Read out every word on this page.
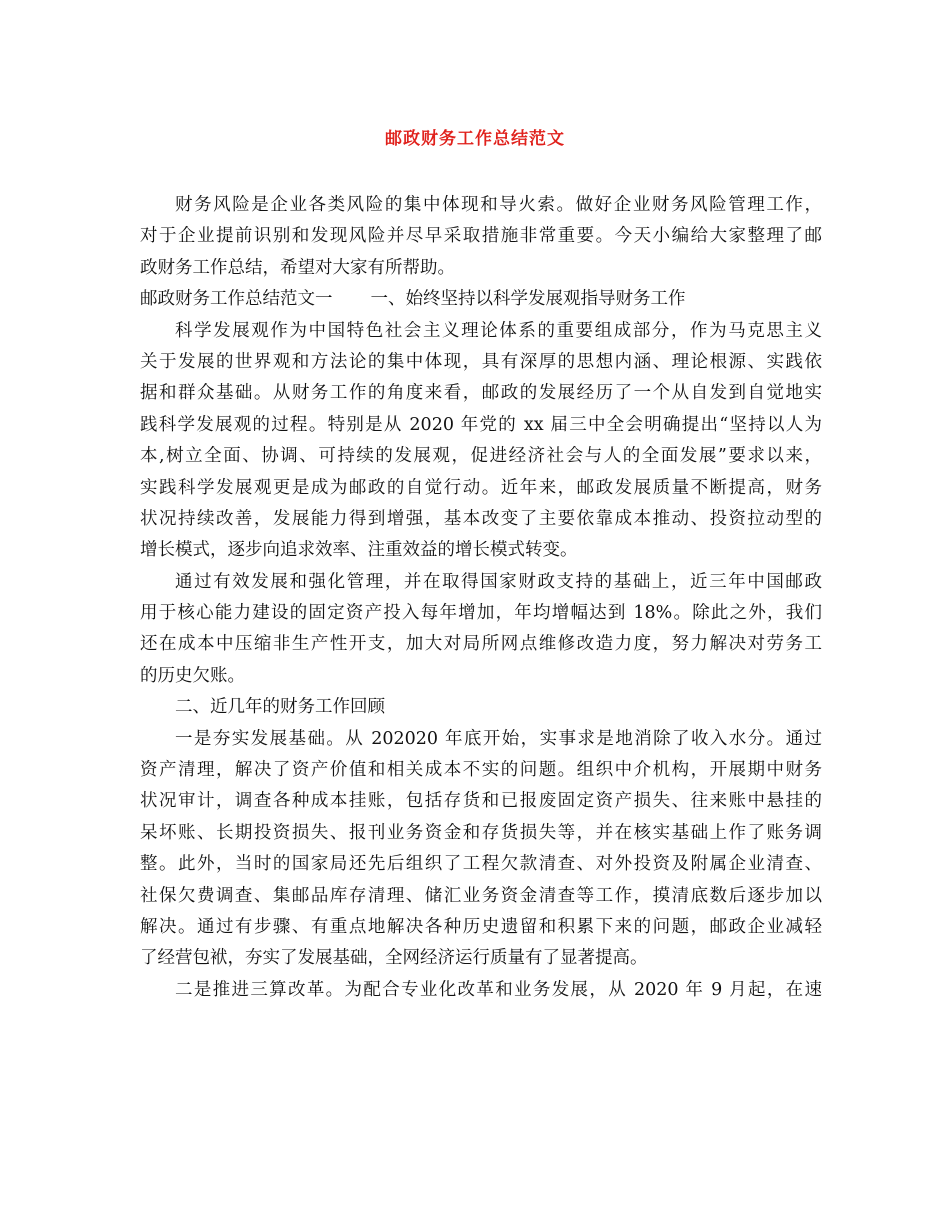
邮政财务工作总结范文
财务风险是企业各类风险的集中体现和导火索。做好企业财务风险管理工作，
对于企业提前识别和发现风险并尽早采取措施非常重要。今天小编给大家整理了邮
政财务工作总结，希望对大家有所帮助。
邮政财务工作总结范文一 一、始终坚持以科学发展观指导财务工作
科学发展观作为中国特色社会主义理论体系的重要组成部分，作为马克思主义
关于发展的世界观和方法论的集中体现，具有深厚的思想内涵、理论根源、实践依
据和群众基础。从财务工作的角度来看，邮政的发展经历了一个从自发到自觉地实
践科学发展观的过程。特别是从 2020 年党的 xx 届三中全会明确提出“坚持以人为
本,树立全面、协调、可持续的发展观，促进经济社会与人的全面发展”要求以来，
实践科学发展观更是成为邮政的自觉行动。近年来，邮政发展质量不断提高，财务
状况持续改善，发展能力得到增强，基本改变了主要依靠成本推动、投资拉动型的
增长模式，逐步向追求效率、注重效益的增长模式转变。
通过有效发展和强化管理，并在取得国家财政支持的基础上，近三年中国邮政
用于核心能力建设的固定资产投入每年增加，年均增幅达到 18%。除此之外，我们
还在成本中压缩非生产性开支，加大对局所网点维修改造力度，努力解决对劳务工
的历史欠账。
二、近几年的财务工作回顾
一是夯实发展基础。从 202020 年底开始，实事求是地消除了收入水分。通过
资产清理，解决了资产价值和相关成本不实的问题。组织中介机构，开展期中财务
状况审计，调查各种成本挂账，包括存货和已报废固定资产损失、往来账中悬挂的
呆坏账、长期投资损失、报刊业务资金和存货损失等，并在核实基础上作了账务调
整。此外，当时的国家局还先后组织了工程欠款清查、对外投资及附属企业清查、
社保欠费调查、集邮品库存清理、储汇业务资金清查等工作，摸清底数后逐步加以
解决。通过有步骤、有重点地解决各种历史遗留和积累下来的问题，邮政企业减轻
了经营包袱，夯实了发展基础，全网经济运行质量有了显著提高。
二是推进三算改革。为配合专业化改革和业务发展，从 2020 年 9 月起，在速
